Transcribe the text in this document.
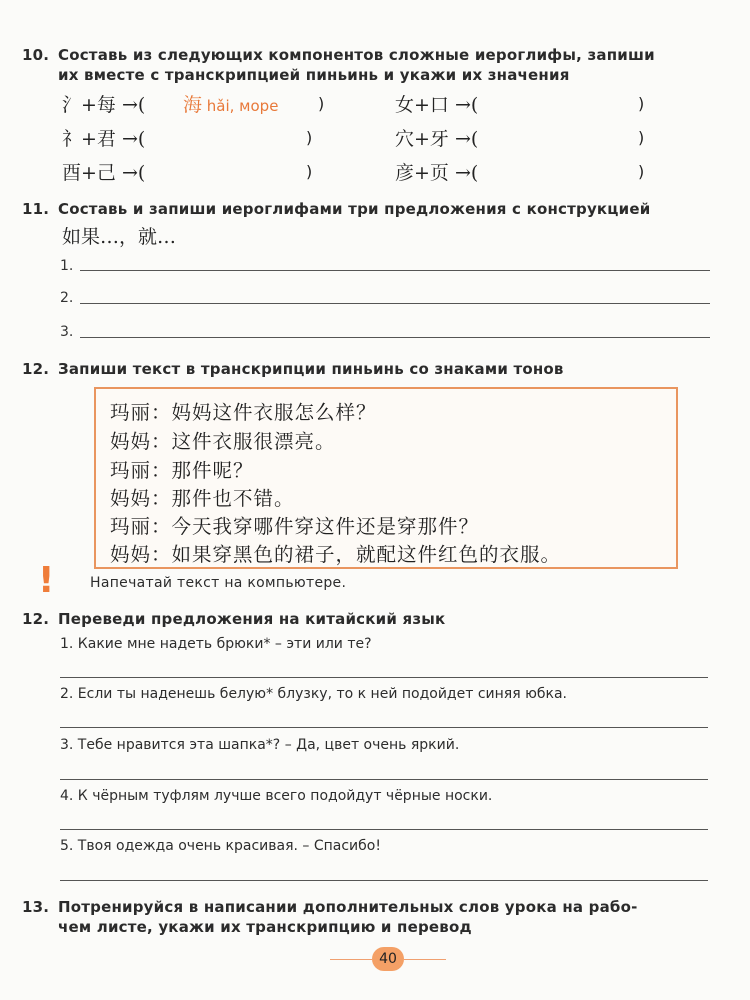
10. Составь из следующих компонентов сложные иероглифы, запиши
их вместе с транскрипцией пиньинь и укажи их значения
氵+每 →( 海 hǎi, море )	女+口 →(	)
礻+君 →(	)	穴+牙 →(	)
酉+己 →(	)	彦+页 →(	)
11. Составь и запиши иероглифами три предложения с конструкцией
如果…，就…
1.
2.
3.
12. Запиши текст в транскрипции пиньинь со знаками тонов
玛丽：妈妈这件衣服怎么样？
妈妈：这件衣服很漂亮。
玛丽：那件呢？
妈妈：那件也不错。
玛丽：今天我穿哪件穿这件还是穿那件？
妈妈：如果穿黑色的裙子，就配这件红色的衣服。
!	Напечатай текст на компьютере.
12. Переведи предложения на китайский язык
1. Какие мне надеть брюки* – эти или те?
2. Если ты наденешь белую* блузку, то к ней подойдет синяя юбка.
3. Тебе нравится эта шапка*? – Да, цвет очень яркий.
4. К чёрным туфлям лучше всего подойдут чёрные носки.
5. Твоя одежда очень красивая. – Спасибо!
13. Потренируйся в написании дополнительных слов урока на рабо-
чем листе, укажи их транскрипцию и перевод
40
